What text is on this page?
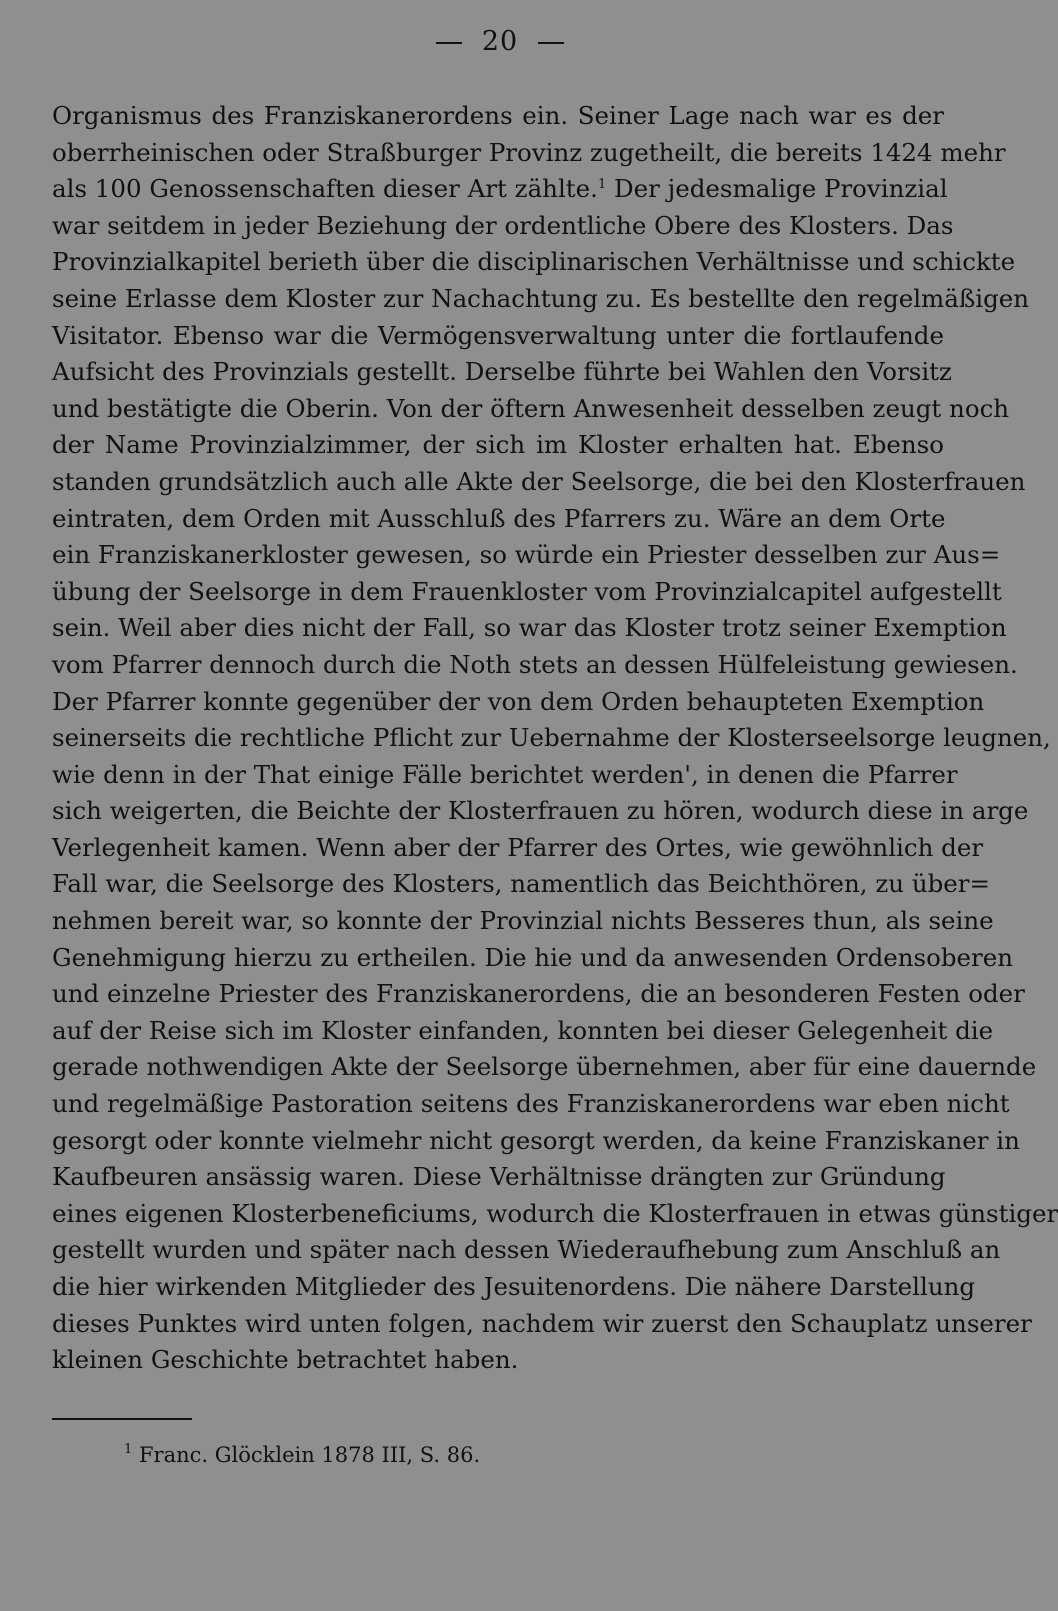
20
Organismus des Franziskanerordens ein. Seiner Lage nach war es der
oberrheinischen oder Straßburger Provinz zugetheilt, die bereits 1424 mehr
als 100 Genossenschaften dieser Art zählte.$^1$ Der jedesmalige Provinzial
war seitdem in jeder Beziehung der ordentliche Obere des Klosters. Das
Provinzialkapitel berieth über die disciplinarischen Verhältnisse und schickte
seine Erlasse dem Kloster zur Nachachtung zu. Es bestellte den regelmäßigen
Visitator. Ebenso war die Vermögensverwaltung unter die fortlaufende
Aufsicht des Provinzials gestellt. Derselbe führte bei Wahlen den Vorsitz
und bestätigte die Oberin. Von der öftern Anwesenheit desselben zeugt noch
der Name Provinzialzimmer, der sich im Kloster erhalten hat. Ebenso
standen grundsätzlich auch alle Akte der Seelsorge, die bei den Klosterfrauen
eintraten, dem Orden mit Ausschluß des Pfarrers zu. Wäre an dem Orte
ein Franziskanerkloster gewesen, so würde ein Priester desselben zur Aus=
übung der Seelsorge in dem Frauenkloster vom Provinzialcapitel aufgestellt
sein. Weil aber dies nicht der Fall, so war das Kloster trotz seiner Exemption
vom Pfarrer dennoch durch die Noth stets an dessen Hülfeleistung gewiesen.
Der Pfarrer konnte gegenüber der von dem Orden behaupteten Exemption
seinerseits die rechtliche Pflicht zur Uebernahme der Klosterseelsorge leugnen,
wie denn in der That einige Fälle berichtet werden', in denen die Pfarrer
sich weigerten, die Beichte der Klosterfrauen zu hören, wodurch diese in arge
Verlegenheit kamen. Wenn aber der Pfarrer des Ortes, wie gewöhnlich der
Fall war, die Seelsorge des Klosters, namentlich das Beichthören, zu über=
nehmen bereit war, so konnte der Provinzial nichts Besseres thun, als seine
Genehmigung hierzu zu ertheilen. Die hie und da anwesenden Ordensoberen
und einzelne Priester des Franziskanerordens, die an besonderen Festen oder
auf der Reise sich im Kloster einfanden, konnten bei dieser Gelegenheit die
gerade nothwendigen Akte der Seelsorge übernehmen, aber für eine dauernde
und regelmäßige Pastoration seitens des Franziskanerordens war eben nicht
gesorgt oder konnte vielmehr nicht gesorgt werden, da keine Franziskaner in
Kaufbeuren ansässig waren. Diese Verhältnisse drängten zur Gründung
eines eigenen Klosterbeneficiums, wodurch die Klosterfrauen in etwas günstiger
gestellt wurden und später nach dessen Wiederaufhebung zum Anschluß an
die hier wirkenden Mitglieder des Jesuitenordens. Die nähere Darstellung
dieses Punktes wird unten folgen, nachdem wir zuerst den Schauplatz unserer
kleinen Geschichte betrachtet haben.
$^1$ Franc. Glöcklein 1878 III, S. 86.
